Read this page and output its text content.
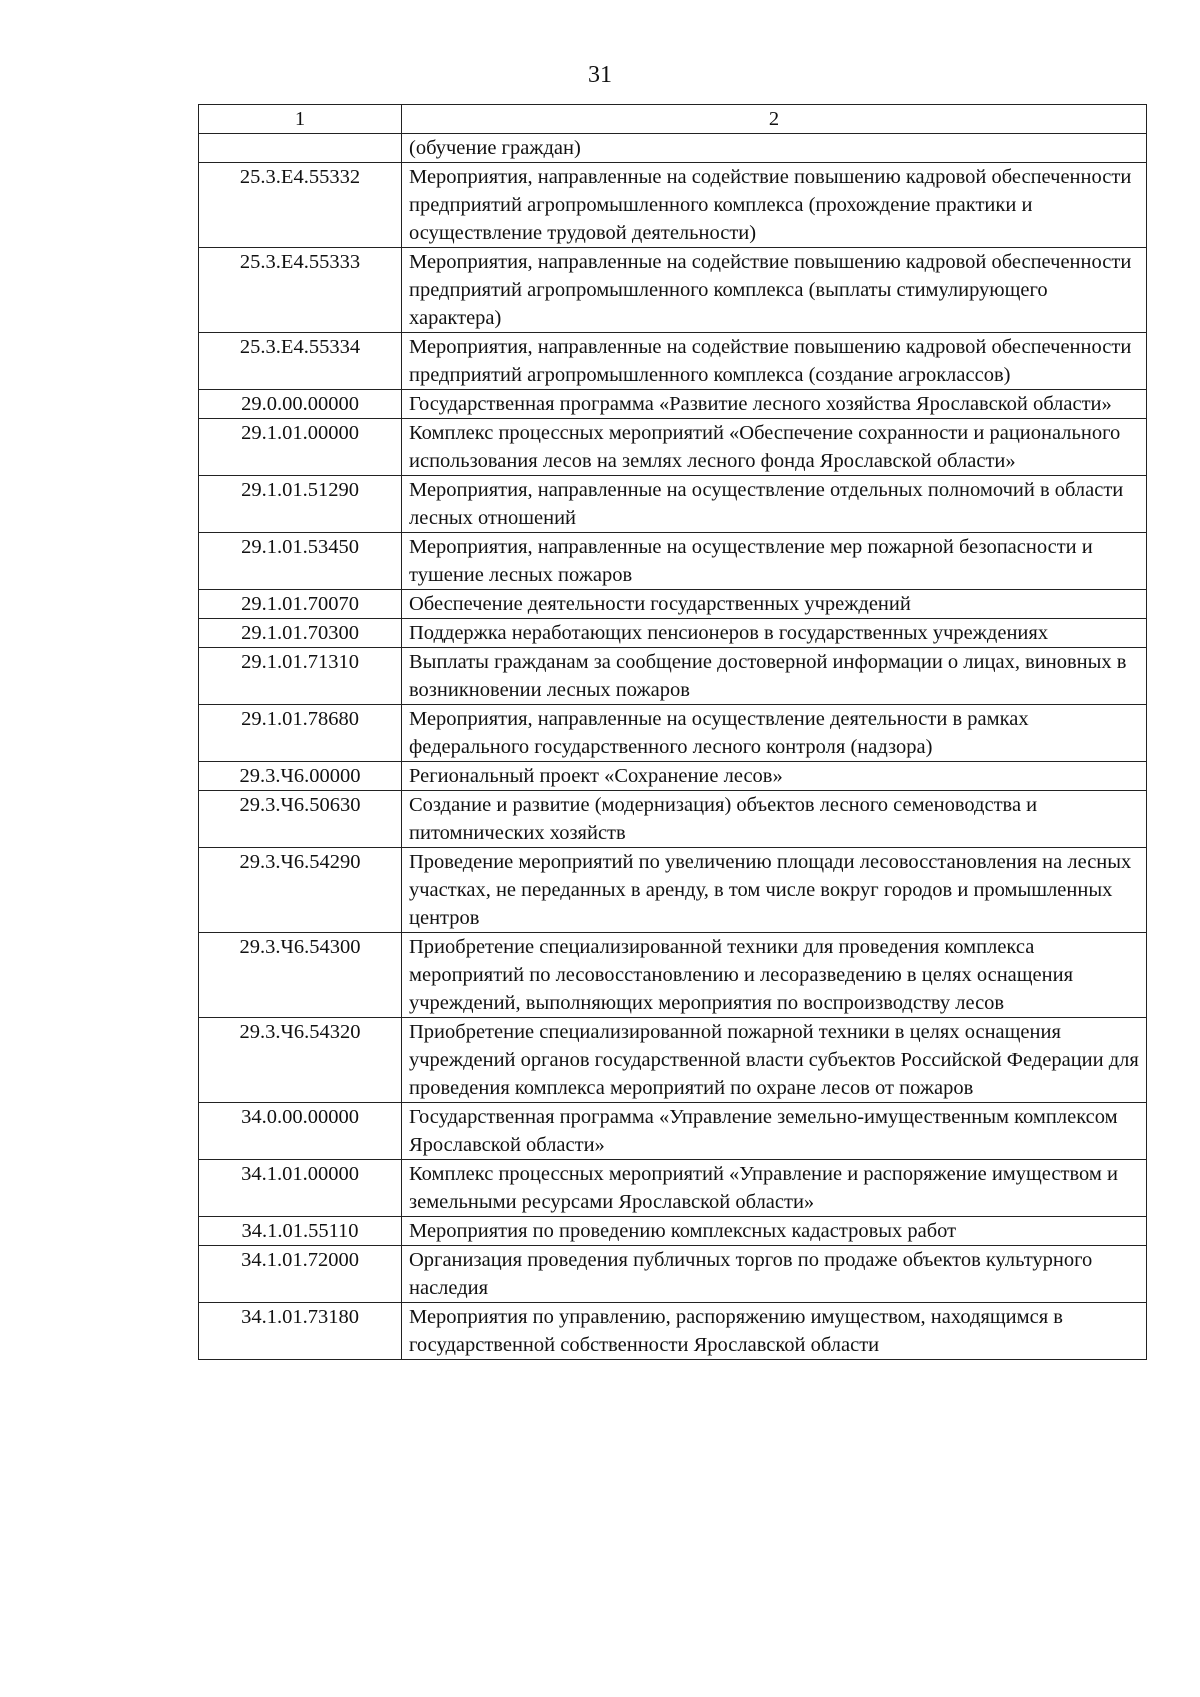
31
1	2
	(обучение граждан)
25.3.Е4.55332	Мероприятия, направленные на содействие повышению кадровой обеспеченности предприятий агропромышленного комплекса (прохождение практики и осуществление трудовой деятельности)
25.3.Е4.55333	Мероприятия, направленные на содействие повышению кадровой обеспеченности предприятий агропромышленного комплекса (выплаты стимулирующего характера)
25.3.Е4.55334	Мероприятия, направленные на содействие повышению кадровой обеспеченности предприятий агропромышленного комплекса (создание агроклассов)
29.0.00.00000	Государственная программа «Развитие лесного хозяйства Ярославской области»
29.1.01.00000	Комплекс процессных мероприятий «Обеспечение сохранности и рационального использования лесов на землях лесного фонда Ярославской области»
29.1.01.51290	Мероприятия, направленные на осуществление отдельных полномочий в области лесных отношений
29.1.01.53450	Мероприятия, направленные на осуществление мер пожарной безопасности и тушение лесных пожаров
29.1.01.70070	Обеспечение деятельности государственных учреждений
29.1.01.70300	Поддержка неработающих пенсионеров в государственных учреждениях
29.1.01.71310	Выплаты гражданам за сообщение достоверной информации о лицах, виновных в возникновении лесных пожаров
29.1.01.78680	Мероприятия, направленные на осуществление деятельности в рамках федерального государственного лесного контроля (надзора)
29.3.Ч6.00000	Региональный проект «Сохранение лесов»
29.3.Ч6.50630	Создание и развитие (модернизация) объектов лесного семеноводства и питомнических хозяйств
29.3.Ч6.54290	Проведение мероприятий по увеличению площади лесовосстановления на лесных участках, не переданных в аренду, в том числе вокруг городов и промышленных центров
29.3.Ч6.54300	Приобретение специализированной техники для проведения комплекса мероприятий по лесовосстановлению и лесоразведению в целях оснащения учреждений, выполняющих мероприятия по воспроизводству лесов
29.3.Ч6.54320	Приобретение специализированной пожарной техники в целях оснащения учреждений органов государственной власти субъектов Российской Федерации для проведения комплекса мероприятий по охране лесов от пожаров
34.0.00.00000	Государственная программа «Управление земельно-имущественным комплексом Ярославской области»
34.1.01.00000	Комплекс процессных мероприятий «Управление и распоряжение имуществом и земельными ресурсами Ярославской области»
34.1.01.55110	Мероприятия по проведению комплексных кадастровых работ
34.1.01.72000	Организация проведения публичных торгов по продаже объектов культурного наследия
34.1.01.73180	Мероприятия по управлению, распоряжению имуществом, находящимся в государственной собственности Ярославской области
